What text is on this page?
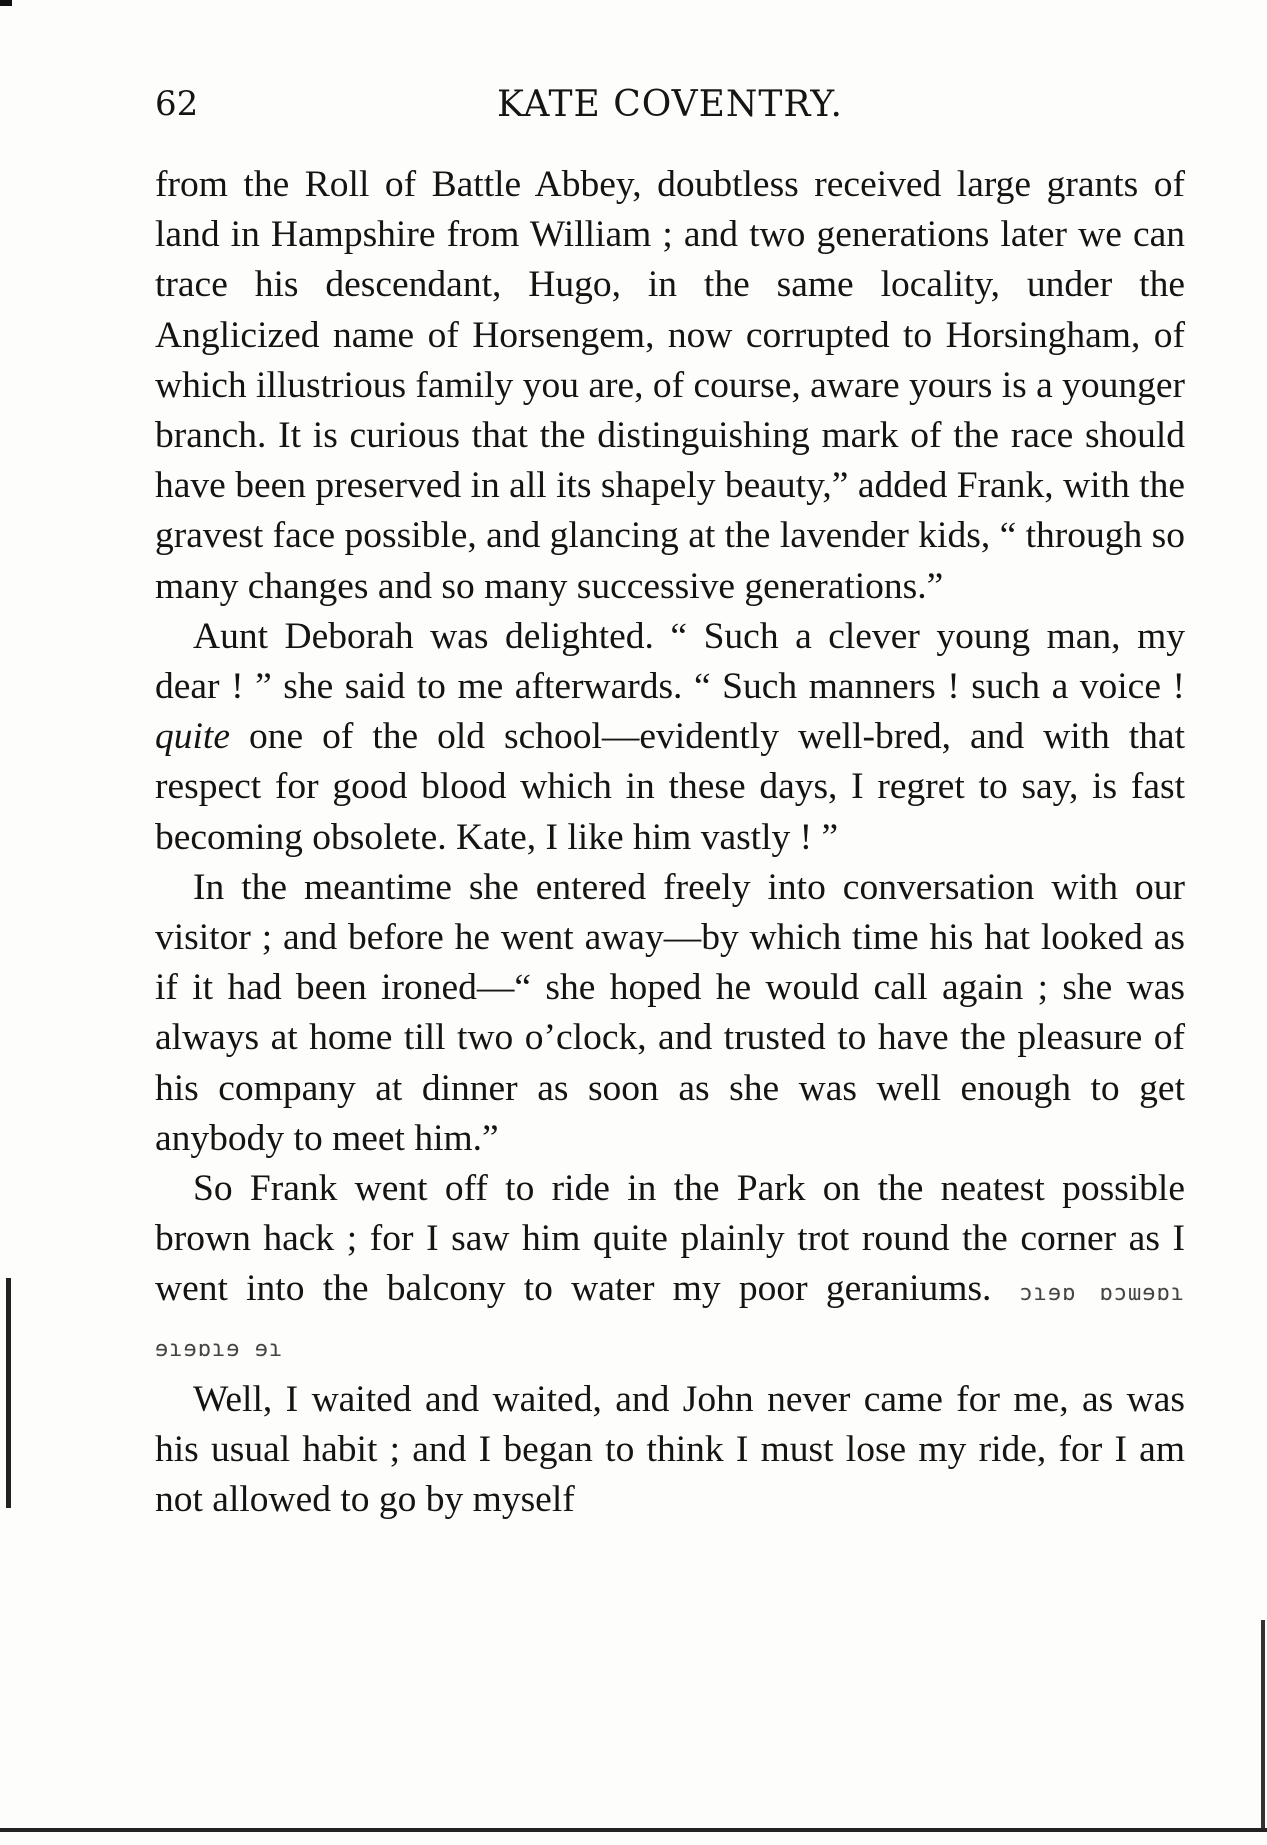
62	KATE COVENTRY.

from the Roll of Battle Abbey, doubtless received large grants of land in Hampshire from William ; and two generations later we can trace his descendant, Hugo, in the same locality, under the Anglicized name of Horsengem, now corrupted to Horsingham, of which illustrious family you are, of course, aware yours is a younger branch. It is curious that the distinguishing mark of the race should have been preserved in all its shapely beauty,” added Frank, with the gravest face possible, and glancing at the lavender kids, “ through so many changes and so many successive generations.”

Aunt Deborah was delighted. “ Such a clever young man, my dear ! ” she said to me afterwards. “ Such manners ! such a voice ! quite one of the old school—evidently well-bred, and with that respect for good blood which in these days, I regret to say, is fast becoming obsolete. Kate, I like him vastly ! ”

In the meantime she entered freely into conversation with our visitor ; and before he went away—by which time his hat looked as if it had been ironed—“ she hoped he would call again ; she was always at home till two o’clock, and trusted to have the pleasure of his company at dinner as soon as she was well enough to get anybody to meet him.”

So Frank went off to ride in the Park on the neatest possible brown hack ; for I saw him quite plainly trot round the corner as I went into the balcony to water my poor geraniums. ɔɿɘɒ ɒɔɯɘɒɿ ɘɿɘɒɿɘ ɘɿ

Well, I waited and waited, and John never came for me, as was his usual habit ; and I began to think I must lose my ride, for I am not allowed to go by myself
